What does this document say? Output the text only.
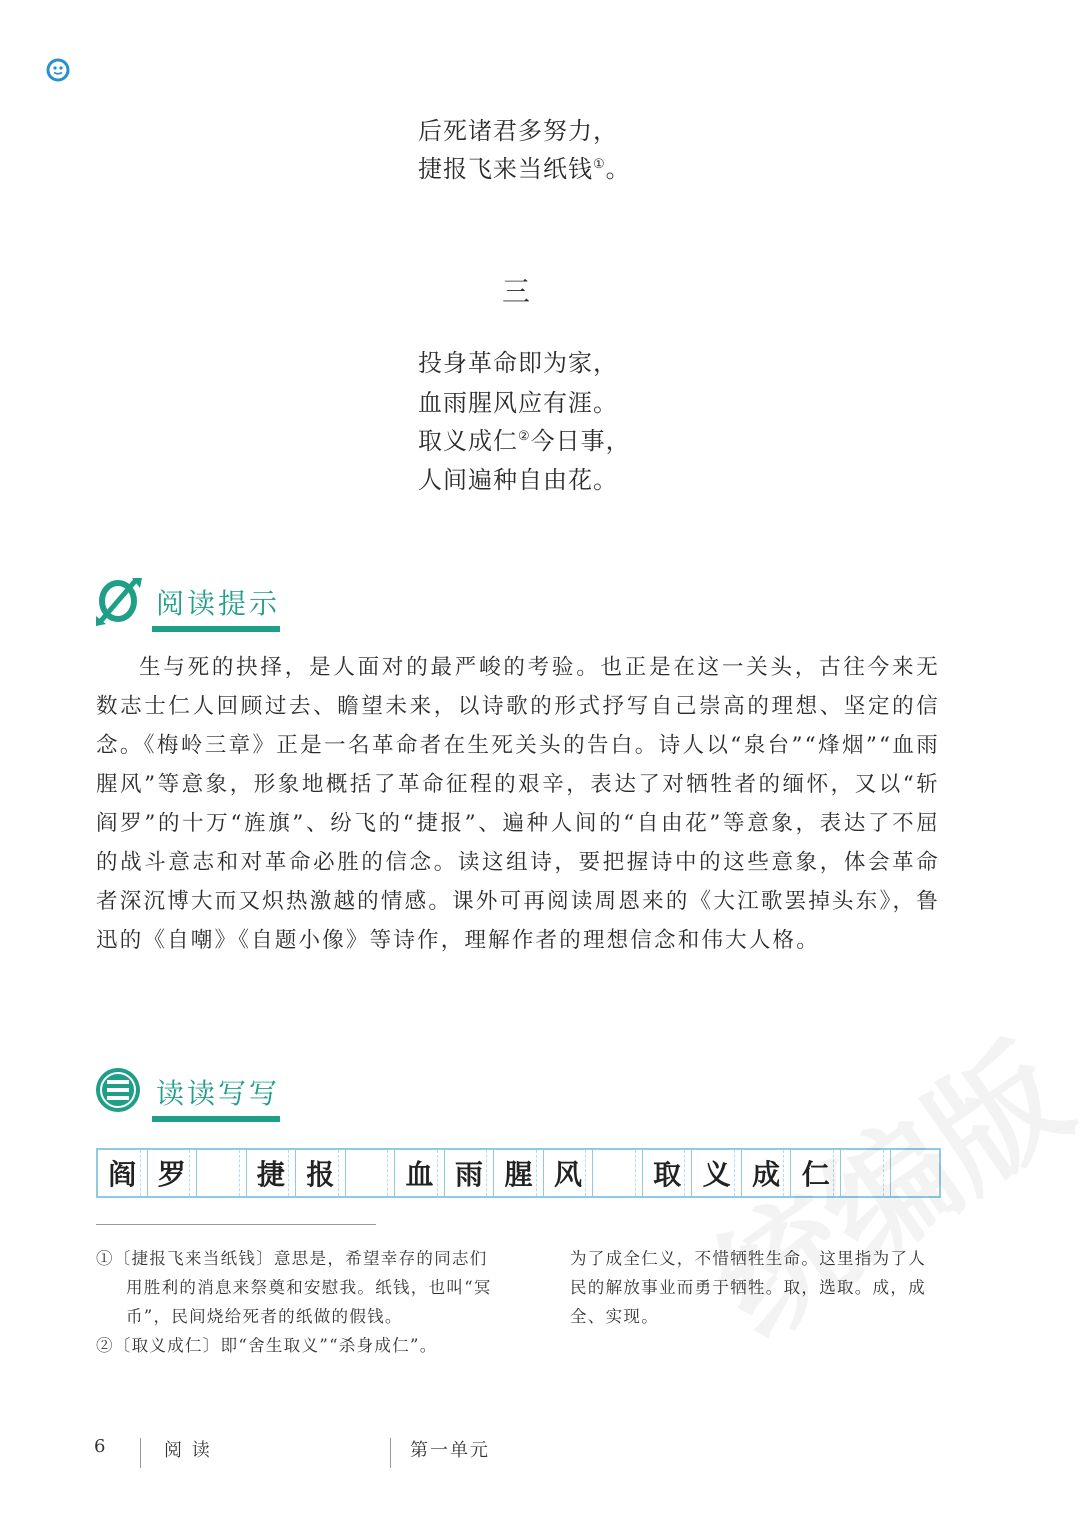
后死诸君多努力，
捷报飞来当纸钱①。
三
投身革命即为家，
血雨腥风应有涯。
取义成仁②今日事，
人间遍种自由花。
阅读提示

生与死的抉择，是人面对的最严峻的考验。也正是在这一关头，古往今来无数志士仁人回顾过去、瞻望未来，以诗歌的形式抒写自己崇高的理想、坚定的信念。《梅岭三章》正是一名革命者在生死关头的告白。诗人以“泉台”“烽烟”“血雨腥风”等意象，形象地概括了革命征程的艰辛，表达了对牺牲者的缅怀，又以“斩阎罗”的十万“旌旗”、纷飞的“捷报”、遍种人间的“自由花”等意象，表达了不屈的战斗意志和对革命必胜的信念。读这组诗，要把握诗中的这些意象，体会革命者深沉博大而又炽热激越的情感。课外可再阅读周恩来的《大江歌罢掉头东》，鲁迅的《自嘲》《自题小像》等诗作，理解作者的理想信念和伟大人格。

读读写写
阎 罗	捷 报	血 雨 腥 风	取 义 成 仁

①〔捷报飞来当纸钱〕意思是，希望幸存的同志们用胜利的消息来祭奠和安慰我。纸钱，也叫“冥币”，民间烧给死者的纸做的假钱。

②〔取义成仁〕即“舍生取义”“杀身成仁”。

为了成全仁义，不惜牺牲生命。这里指为了人民的解放事业而勇于牺牲。取，选取。成，成全、实现。

6	阅 读	第一单元
